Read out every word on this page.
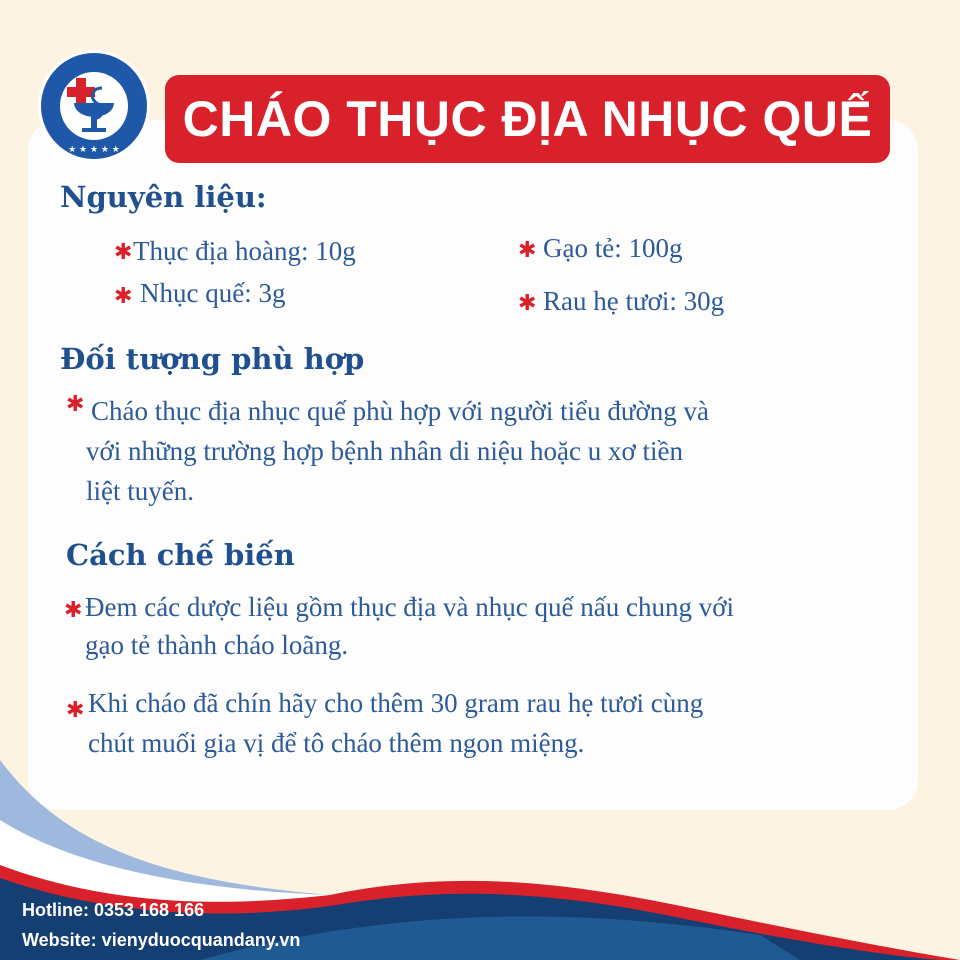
★ ★ ★ ★ ★
CHÁO THỤC ĐỊA NHỤC QUẾ
Nguyên liệu:
✱ Thục địa hoàng: 10g
✱ Nhục quế: 3g
✱ Gạo tẻ: 100g
✱ Rau hẹ tươi: 30g
Đối tượng phù hợp
✱ Cháo thục địa nhục quế phù hợp với người tiểu đường và
với những trường hợp bệnh nhân di niệu hoặc u xơ tiền
liệt tuyến.
Cách chế biến
✱ Đem các dược liệu gồm thục địa và nhục quế nấu chung với
gạo tẻ thành cháo loãng.
✱ Khi cháo đã chín hãy cho thêm 30 gram rau hẹ tươi cùng
chút muối gia vị để tô cháo thêm ngon miệng.
Hotline: 0353 168 166
Website: vienyduocquandany.vn
